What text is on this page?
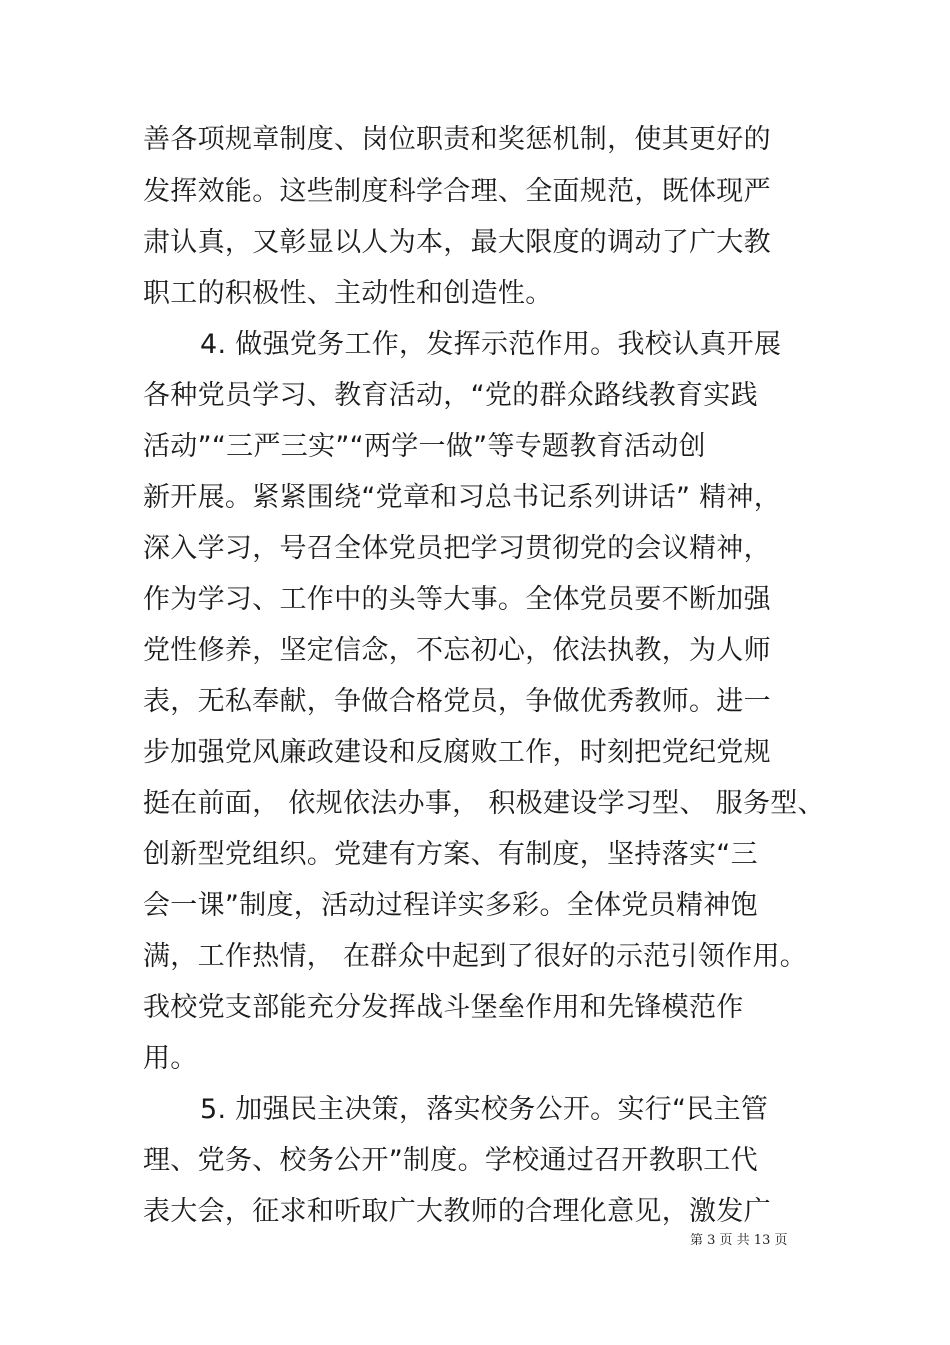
善各项规章制度、岗位职责和奖惩机制，使其更好的
发挥效能。这些制度科学合理、全面规范，既体现严
肃认真，又彰显以人为本，最大限度的调动了广大教
职工的积极性、主动性和创造性。
4. 做强党务工作，发挥示范作用。我校认真开展
各种党员学习、教育活动，“党的群众路线教育实践
活动”“三严三实”“两学一做”等专题教育活动创
新开展。紧紧围绕“党章和习总书记系列讲话” 精神，
深入学习，号召全体党员把学习贯彻党的会议精神，
作为学习、工作中的头等大事。全体党员要不断加强
党性修养，坚定信念，不忘初心，依法执教，为人师
表，无私奉献，争做合格党员，争做优秀教师。进一
步加强党风廉政建设和反腐败工作，时刻把党纪党规
挺在前面， 依规依法办事， 积极建设学习型、 服务型、
创新型党组织。党建有方案、有制度，坚持落实“三
会一课”制度，活动过程详实多彩。全体党员精神饱
满，工作热情， 在群众中起到了很好的示范引领作用。
我校党支部能充分发挥战斗堡垒作用和先锋模范作
用。
5. 加强民主决策，落实校务公开。实行“民主管
理、党务、校务公开”制度。学校通过召开教职工代
表大会，征求和听取广大教师的合理化意见，激发广
第 3 页 共 13 页
